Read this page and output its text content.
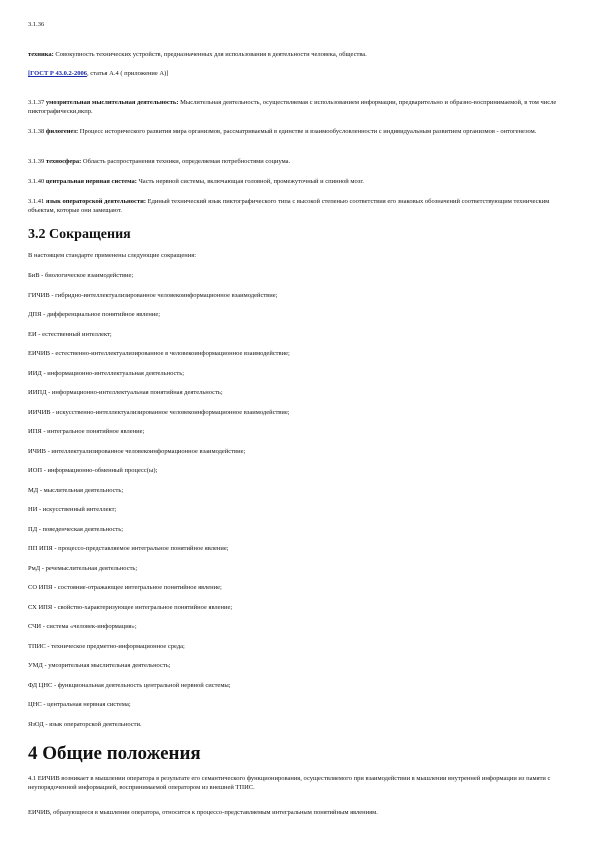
3.1.36

техника: Совокупность технических устройств, предназначенных для использования в деятельности человека, общества.

[ГОСТ Р 43.0.2-2006, статья А.4 ( приложение А)]

3.1.37 умозрительная мыслительная деятельность: Мыслительная деятельность, осуществляемая с использованием информации, предварительно и образно-воспринимаемой, в том числе пиктографически,вкпр.

3.1.38 филогенез: Процесс исторического развития мира организмов, рассматриваемый в единстве и взаимообусловленности с индивидуальным развитием организмов - онтогенезом.

3.1.39 техносфера: Область распространения техники, определяемая потребностями социума.

3.1.40 центральная нервная система: Часть нервной системы, включающая головной, промежуточный и спинной мозг.

3.1.41 язык операторской деятельности: Единый технический язык пиктографического типа с высокой степенью соответствия его знаковых обозначений соответствующим техническим объектам, которые они замещают.

3.2 Сокращения

В настоящем стандарте применены следующие сокращения:

БиВ - биологическое взаимодействие;

ГИЧИВ - гибридно-интеллектуализированное человекоинформационное взаимодействие;

ДПЯ - дифференциальное понятийное явление;

ЕИ - естественный интеллект;

ЕИЧИВ - естественно-интеллектуализированное в человекоинформационное взаимодействие;

ИИД - информационно-интеллектуальная деятельность;

ИИПД - информационно-интеллектуальная понятийная деятельность;

ИИЧИВ - искусственно-интеллектуализированное человекоинформационное взаимодействие;

ИПЯ - интегральное понятийное явление;

ИЧИВ - интеллектуализированное человекоинформационное взаимодействие;

ИОП - информационно-обменный процесс(ы);

МД - мыслительная деятельность;

НИ - искусственный интеллект;

ПД - поведенческая деятельность;

ПП ИПЯ - процессо-представляемое интегральное понятийное явление;

РмД - речемыслительная деятельность;

СО ИПЯ - состояние-отражающее интегральное понятийное явление;

СХ ИПЯ - свойство-характеризующее интегральное понятийное явление;

СЧИ - система «человек-информация»;

ТПИС - техническое предметно-информационное среда;

УМД - умозрительная мыслительная деятельность;

ФД ЦНС - функциональная деятельность центральной нервной системы;

ЦНС - центральная нервная система;

ЯзОД - язык операторской деятельности.

4 Общие положения

4.1 ЕИЧИВ возникает в мышлении оператора в результате его семантического функционирования, осуществляемого при взаимодействии в мышлении внутренней информации из памяти с неупорядоченной информацией, воспринимаемой оператором из внешней ТПИС.

ЕИЧИВ, образующееся в мышлении оператора, относится к процессо-представляемым интегральным понятийным явлениям.
